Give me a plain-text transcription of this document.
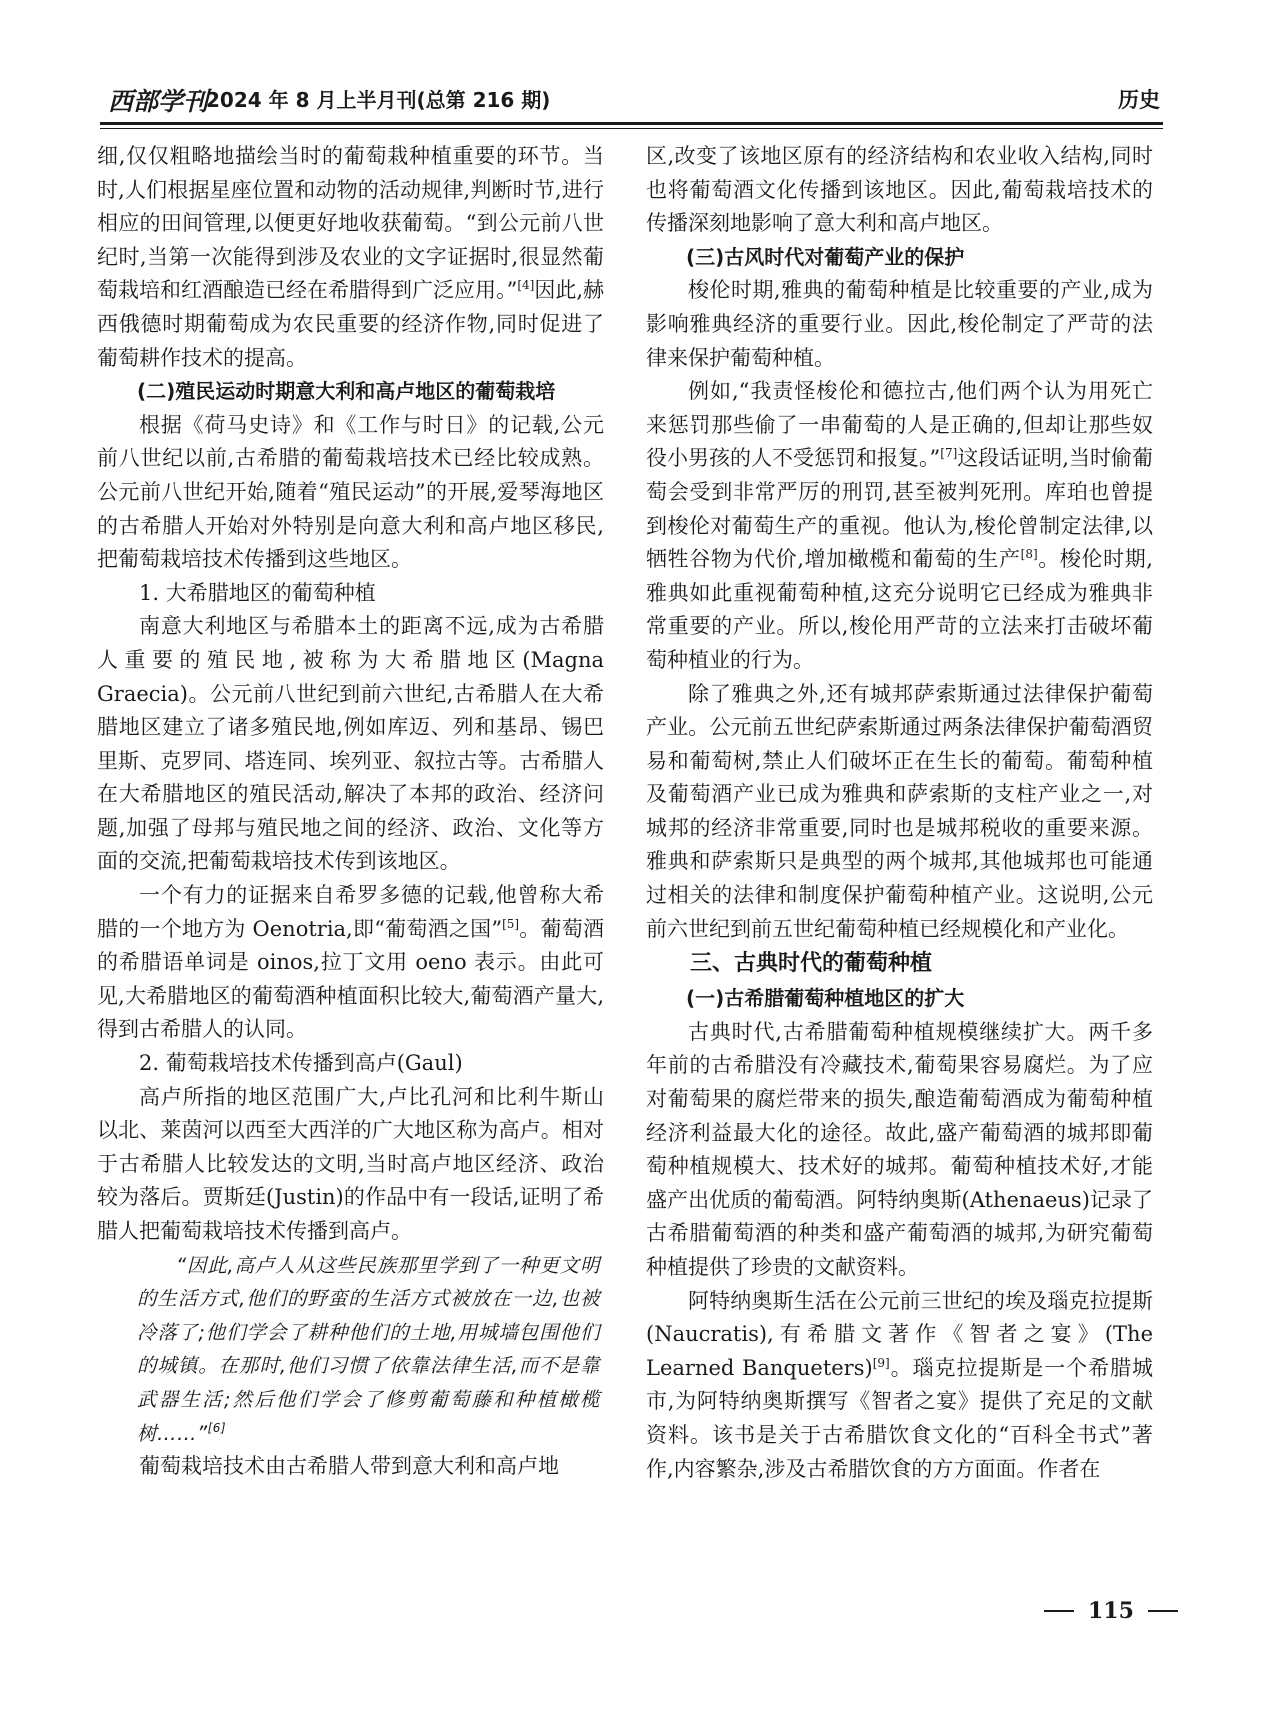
西部学刊
2024 年 8 月上半月刊(总第 216 期)	历史

细,仅仅粗略地描绘当时的葡萄栽种植重要的环节。当时,人们根据星座位置和动物的活动规律,判断时节,进行相应的田间管理,以便更好地收获葡萄。“到公元前八世纪时,当第一次能得到涉及农业的文字证据时,很显然葡萄栽培和红酒酿造已经在希腊得到广泛应用。”[4]因此,赫西俄德时期葡萄成为农民重要的经济作物,同时促进了葡萄耕作技术的提高。

(二)殖民运动时期意大利和高卢地区的葡萄栽培

根据《荷马史诗》和《工作与时日》的记载,公元前八世纪以前,古希腊的葡萄栽培技术已经比较成熟。公元前八世纪开始,随着“殖民运动”的开展,爱琴海地区的古希腊人开始对外特别是向意大利和高卢地区移民,把葡萄栽培技术传播到这些地区。

1. 大希腊地区的葡萄种植

南意大利地区与希腊本土的距离不远,成为古希腊人重要的殖民地,被称为大希腊地区(Magna Graecia)。公元前八世纪到前六世纪,古希腊人在大希腊地区建立了诸多殖民地,例如库迈、列和基昂、锡巴里斯、克罗同、塔连同、埃列亚、叙拉古等。古希腊人在大希腊地区的殖民活动,解决了本邦的政治、经济问题,加强了母邦与殖民地之间的经济、政治、文化等方面的交流,把葡萄栽培技术传到该地区。

一个有力的证据来自希罗多德的记载,他曾称大希腊的一个地方为 Oenotria,即“葡萄酒之国”[5]。葡萄酒的希腊语单词是 oinos,拉丁文用 oeno 表示。由此可见,大希腊地区的葡萄酒种植面积比较大,葡萄酒产量大,得到古希腊人的认同。

2. 葡萄栽培技术传播到高卢(Gaul)

高卢所指的地区范围广大,卢比孔河和比利牛斯山以北、莱茵河以西至大西洋的广大地区称为高卢。相对于古希腊人比较发达的文明,当时高卢地区经济、政治较为落后。贾斯廷(Justin)的作品中有一段话,证明了希腊人把葡萄栽培技术传播到高卢。

“因此,高卢人从这些民族那里学到了一种更文明的生活方式,他们的野蛮的生活方式被放在一边,也被冷落了;他们学会了耕种他们的土地,用城墙包围他们的城镇。在那时,他们习惯了依靠法律生活,而不是靠武器生活;然后他们学会了修剪葡萄藤和种植橄榄树……”[6]

葡萄栽培技术由古希腊人带到意大利和高卢地

区,改变了该地区原有的经济结构和农业收入结构,同时也将葡萄酒文化传播到该地区。因此,葡萄栽培技术的传播深刻地影响了意大利和高卢地区。

(三)古风时代对葡萄产业的保护

梭伦时期,雅典的葡萄种植是比较重要的产业,成为影响雅典经济的重要行业。因此,梭伦制定了严苛的法律来保护葡萄种植。

例如,“我责怪梭伦和德拉古,他们两个认为用死亡来惩罚那些偷了一串葡萄的人是正确的,但却让那些奴役小男孩的人不受惩罚和报复。”[7]这段话证明,当时偷葡萄会受到非常严厉的刑罚,甚至被判死刑。库珀也曾提到梭伦对葡萄生产的重视。他认为,梭伦曾制定法律,以牺牲谷物为代价,增加橄榄和葡萄的生产[8]。梭伦时期,雅典如此重视葡萄种植,这充分说明它已经成为雅典非常重要的产业。所以,梭伦用严苛的立法来打击破坏葡萄种植业的行为。

除了雅典之外,还有城邦萨索斯通过法律保护葡萄产业。公元前五世纪萨索斯通过两条法律保护葡萄酒贸易和葡萄树,禁止人们破坏正在生长的葡萄。葡萄种植及葡萄酒产业已成为雅典和萨索斯的支柱产业之一,对城邦的经济非常重要,同时也是城邦税收的重要来源。雅典和萨索斯只是典型的两个城邦,其他城邦也可能通过相关的法律和制度保护葡萄种植产业。这说明,公元前六世纪到前五世纪葡萄种植已经规模化和产业化。

三、古典时代的葡萄种植
(一)古希腊葡萄种植地区的扩大

古典时代,古希腊葡萄种植规模继续扩大。两千多年前的古希腊没有冷藏技术,葡萄果容易腐烂。为了应对葡萄果的腐烂带来的损失,酿造葡萄酒成为葡萄种植经济利益最大化的途径。故此,盛产葡萄酒的城邦即葡萄种植规模大、技术好的城邦。葡萄种植技术好,才能盛产出优质的葡萄酒。阿特纳奥斯(Athenaeus)记录了古希腊葡萄酒的种类和盛产葡萄酒的城邦,为研究葡萄种植提供了珍贵的文献资料。

阿特纳奥斯生活在公元前三世纪的埃及瑙克拉提斯(Naucratis),有希腊文著作《智者之宴》(The Learned Banqueters)[9]。瑙克拉提斯是一个希腊城市,为阿特纳奥斯撰写《智者之宴》提供了充足的文献资料。该书是关于古希腊饮食文化的“百科全书式”著作,内容繁杂,涉及古希腊饮食的方方面面。作者在

115
